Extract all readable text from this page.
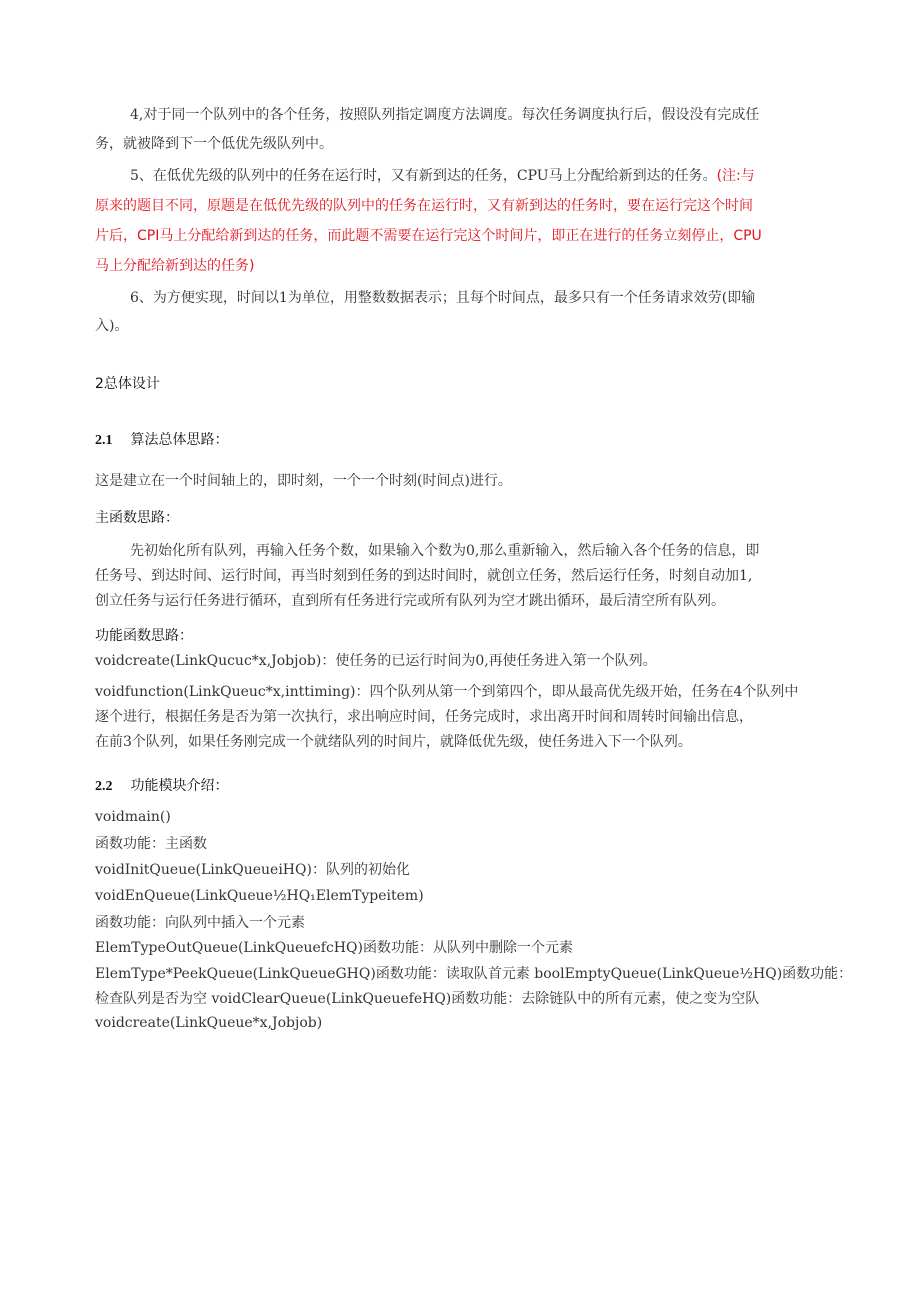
4,对于同一个队列中的各个任务，按照队列指定调度方法调度。每次任务调度执行后，假设没有完成任
务，就被降到下一个低优先级队列中。
5、在低优先级的队列中的任务在运行时，又有新到达的任务，CPU马上分配给新到达的任务。(注:与
原来的题目不同，原题是在低优先级的队列中的任务在运行时，又有新到达的任务时，要在运行完这个时间
片后，CPI马上分配给新到达的任务，而此题不需要在运行完这个时间片，即正在进行的任务立刻停止，CPU
马上分配给新到达的任务)
6、为方便实现，时间以1为单位，用整数数据表示；且每个时间点，最多只有一个任务请求效劳(即输
入)。
2总体设计
2.1 算法总体思路：
这是建立在一个时间轴上的，即时刻，一个一个时刻(时间点)进行。
主函数思路：
先初始化所有队列，再输入任务个数，如果输入个数为0,那么重新输入，然后输入各个任务的信息，即
任务号、到达时间、运行时间，再当时刻到任务的到达时间时，就创立任务，然后运行任务，时刻自动加1,
创立任务与运行任务进行循环，直到所有任务进行完或所有队列为空才跳出循环，最后清空所有队列。
功能函数思路：
voidcreate(LinkQucuc*x,Jobjob)：使任务的已运行时间为0,再使任务进入第一个队列。
voidfunction(LinkQueuc*x,inttiming)：四个队列从第一个到第四个，即从最高优先级开始，任务在4个队列中
逐个进行，根据任务是否为第一次执行，求出响应时间，任务完成时，求出离开时间和周转时间输出信息，
在前3个队列，如果任务刚完成一个就绪队列的时间片，就降低优先级，使任务进入下一个队列。
2.2 功能模块介绍：
voidmain()
函数功能：主函数
voidInitQueue(LinkQueueiHQ)：队列的初始化
voidEnQueue(LinkQueue½HQ₁ElemTypeitem)
函数功能：向队列中插入一个元素
ElemTypeOutQueue(LinkQueuefcHQ)函数功能：从队列中删除一个元素
ElemType*PeekQueue(LinkQueueGHQ)函数功能：读取队首元素 boolEmptyQueue(LinkQueue½HQ)函数功能：
检查队列是否为空 voidClearQueue(LinkQueuefeHQ)函数功能：去除链队中的所有元素，使之变为空队
voidcreate(LinkQueue*x,Jobjob)
